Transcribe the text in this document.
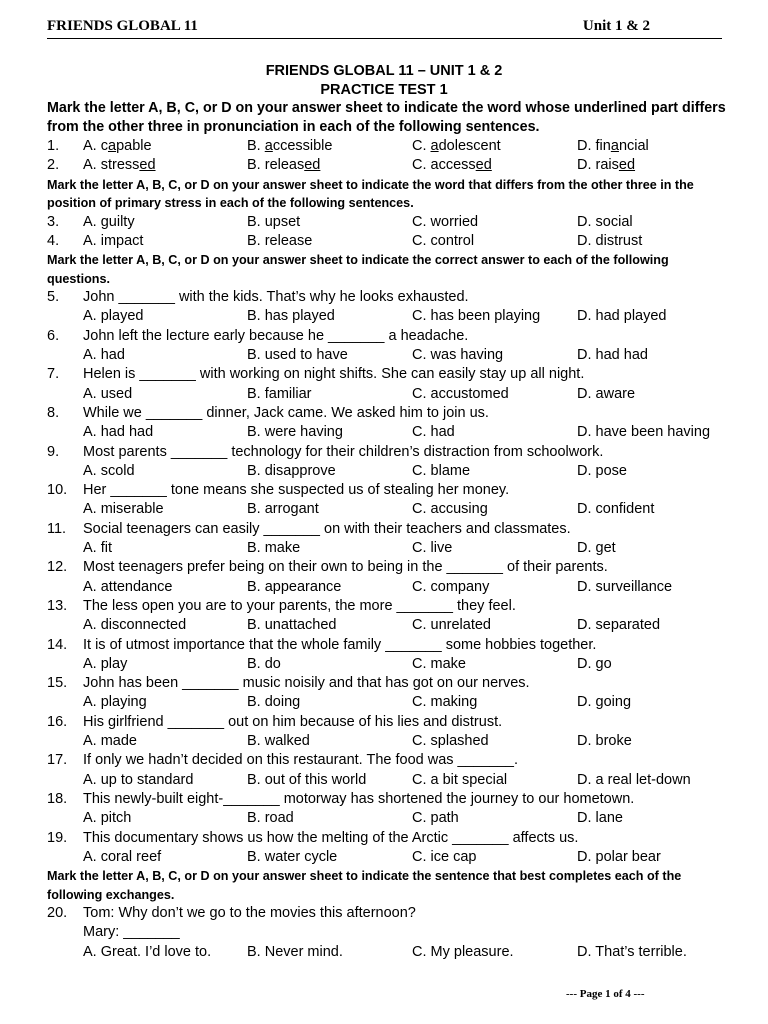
FRIENDS GLOBAL 11	Unit 1 & 2
FRIENDS GLOBAL 11 – UNIT 1 & 2
PRACTICE TEST 1
Mark the letter A, B, C, or D on your answer sheet to indicate the word whose underlined part differs from the other three in pronunciation in each of the following sentences.
1. A. capable	B. accessible	C. adolescent	D. financial
2. A. stressed	B. released	C. accessed	D. raised
Mark the letter A, B, C, or D on your answer sheet to indicate the word that differs from the other three in the position of primary stress in each of the following sentences.
3. A. guilty	B. upset	C. worried	D. social
4. A. impact	B. release	C. control	D. distrust
Mark the letter A, B, C, or D on your answer sheet to indicate the correct answer to each of the following questions.
5. John _______ with the kids. That’s why he looks exhausted.
A. played	B. has played	C. has been playing	D. had played
6. John left the lecture early because he _______ a headache.
A. had	B. used to have	C. was having	D. had had
7. Helen is _______ with working on night shifts. She can easily stay up all night.
A. used	B. familiar	C. accustomed	D. aware
8. While we _______ dinner, Jack came. We asked him to join us.
A. had had	B. were having	C. had	D. have been having
9. Most parents _______ technology for their children’s distraction from schoolwork.
A. scold	B. disapprove	C. blame	D. pose
10. Her _______ tone means she suspected us of stealing her money.
A. miserable	B. arrogant	C. accusing	D. confident
11. Social teenagers can easily _______ on with their teachers and classmates.
A. fit	B. make	C. live	D. get
12. Most teenagers prefer being on their own to being in the _______ of their parents.
A. attendance	B. appearance	C. company	D. surveillance
13. The less open you are to your parents, the more _______ they feel.
A. disconnected	B. unattached	C. unrelated	D. separated
14. It is of utmost importance that the whole family _______ some hobbies together.
A. play	B. do	C. make	D. go
15. John has been _______ music noisily and that has got on our nerves.
A. playing	B. doing	C. making	D. going
16. His girlfriend _______ out on him because of his lies and distrust.
A. made	B. walked	C. splashed	D. broke
17. If only we hadn’t decided on this restaurant. The food was _______.
A. up to standard	B. out of this world	C. a bit special	D. a real let-down
18. This newly-built eight-_______ motorway has shortened the journey to our hometown.
A. pitch	B. road	C. path	D. lane
19. This documentary shows us how the melting of the Arctic _______ affects us.
A. coral reef	B. water cycle	C. ice cap	D. polar bear
Mark the letter A, B, C, or D on your answer sheet to indicate the sentence that best completes each of the following exchanges.
20. Tom: Why don’t we go to the movies this afternoon?
Mary: _______
A. Great. I’d love to. B. Never mind.	C. My pleasure.	D. That’s terrible.
--- Page 1 of 4 ---
